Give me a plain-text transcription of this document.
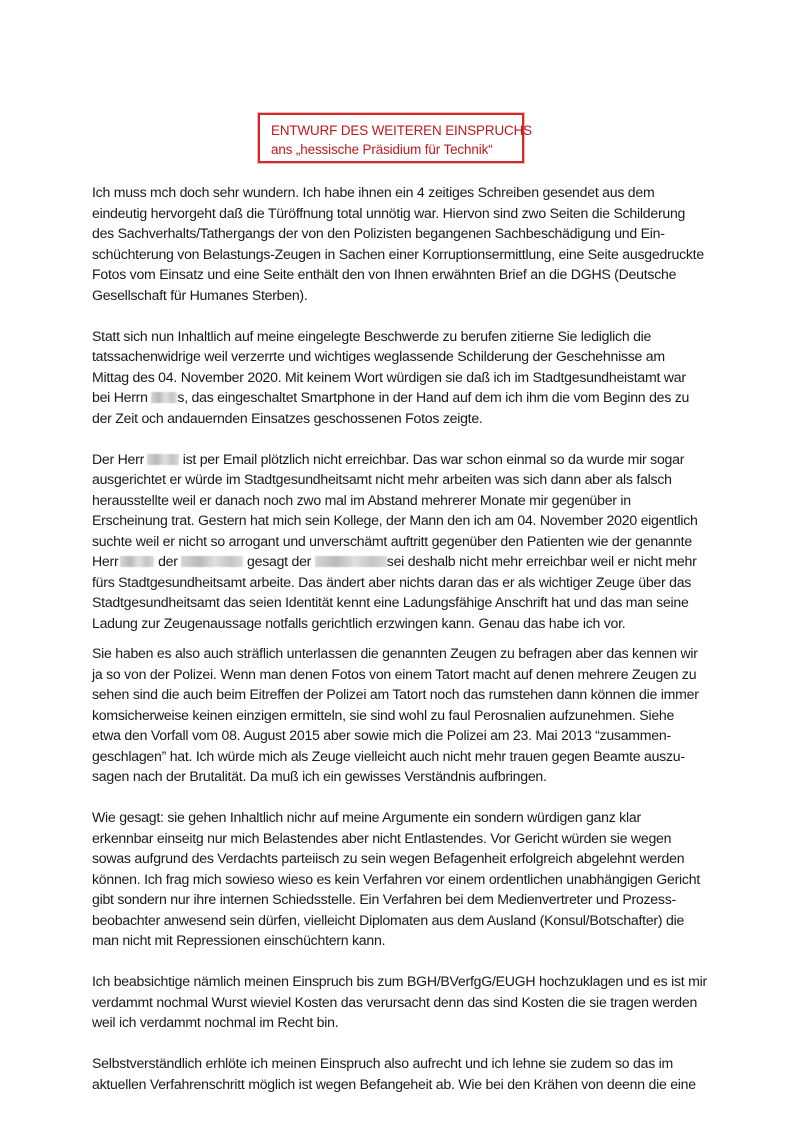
ENTWURF DES WEITEREN EINSPRUCHS
ans „hessische Präsidium für Technik“
Ich muss mch doch sehr wundern. Ich habe ihnen ein 4 zeitiges Schreiben gesendet aus dem
eindeutig hervorgeht daß die Türöffnung total unnötig war. Hiervon sind zwo Seiten die Schilderung
des Sachverhalts/Tathergangs der von den Polizisten begangenen Sachbeschädigung und Ein-
schüchterung von Belastungs-Zeugen in Sachen einer Korruptionsermittlung, eine Seite ausgedruckte
Fotos vom Einsatz und eine Seite enthält den von Ihnen erwähnten Brief an die DGHS (Deutsche
Gesellschaft für Humanes Sterben).
Statt sich nun Inhaltlich auf meine eingelegte Beschwerde zu berufen zitierne Sie lediglich die
tatssachenwidrige weil verzerrte und wichtiges weglassende Schilderung der Geschehnisse am
Mittag des 04. November 2020. Mit keinem Wort würdigen sie daß ich im Stadtgesundheistamt war
bei Herrn s, das eingeschaltet Smartphone in der Hand auf dem ich ihm die vom Beginn des zu
der Zeit och andauernden Einsatzes geschossenen Fotos zeigte.
Der Herr ist per Email plötzlich nicht erreichbar. Das war schon einmal so da wurde mir sogar
ausgerichtet er würde im Stadtgesundheitsamt nicht mehr arbeiten was sich dann aber als falsch
herausstellte weil er danach noch zwo mal im Abstand mehrerer Monate mir gegenüber in
Erscheinung trat. Gestern hat mich sein Kollege, der Mann den ich am 04. November 2020 eigentlich
suchte weil er nicht so arrogant und unverschämt auftritt gegenüber den Patienten wie der genannte
Herr	der	gesagt der	sei deshalb nicht mehr erreichbar weil er nicht mehr
fürs Stadtgesundheitsamt arbeite. Das ändert aber nichts daran das er als wichtiger Zeuge über das
Stadtgesundheitsamt das seien Identität kennt eine Ladungsfähige Anschrift hat und das man seine
Ladung zur Zeugenaussage notfalls gerichtlich erzwingen kann. Genau das habe ich vor.
Sie haben es also auch sträflich unterlassen die genannten Zeugen zu befragen aber das kennen wir
ja so von der Polizei. Wenn man denen Fotos von einem Tatort macht auf denen mehrere Zeugen zu
sehen sind die auch beim Eitreffen der Polizei am Tatort noch das rumstehen dann können die immer
komsicherweise keinen einzigen ermitteln, sie sind wohl zu faul Perosnalien aufzunehmen. Siehe
etwa den Vorfall vom 08. August 2015 aber sowie mich die Polizei am 23. Mai 2013 “zusammen-
geschlagen” hat. Ich würde mich als Zeuge vielleicht auch nicht mehr trauen gegen Beamte auszu-
sagen nach der Brutalität. Da muß ich ein gewisses Verständnis aufbringen.
Wie gesagt: sie gehen Inhaltlich nichr auf meine Argumente ein sondern würdigen ganz klar
erkennbar einseitg nur mich Belastendes aber nicht Entlastendes. Vor Gericht würden sie wegen
sowas aufgrund des Verdachts parteiisch zu sein wegen Befagenheit erfolgreich abgelehnt werden
können. Ich frag mich sowieso wieso es kein Verfahren vor einem ordentlichen unabhängigen Gericht
gibt sondern nur ihre internen Schiedsstelle. Ein Verfahren bei dem Medienvertreter und Prozess-
beobachter anwesend sein dürfen, vielleicht Diplomaten aus dem Ausland (Konsul/Botschafter) die
man nicht mit Repressionen einschüchtern kann.
Ich beabsichtige nämlich meinen Einspruch bis zum BGH/BVerfgG/EUGH hochzuklagen und es ist mir
verdammt nochmal Wurst wieviel Kosten das verursacht denn das sind Kosten die sie tragen werden
weil ich verdammt nochmal im Recht bin.
Selbstverständlich erhlöte ich meinen Einspruch also aufrecht und ich lehne sie zudem so das im
aktuellen Verfahrenschritt möglich ist wegen Befangeheit ab. Wie bei den Krähen von deenn die eine
